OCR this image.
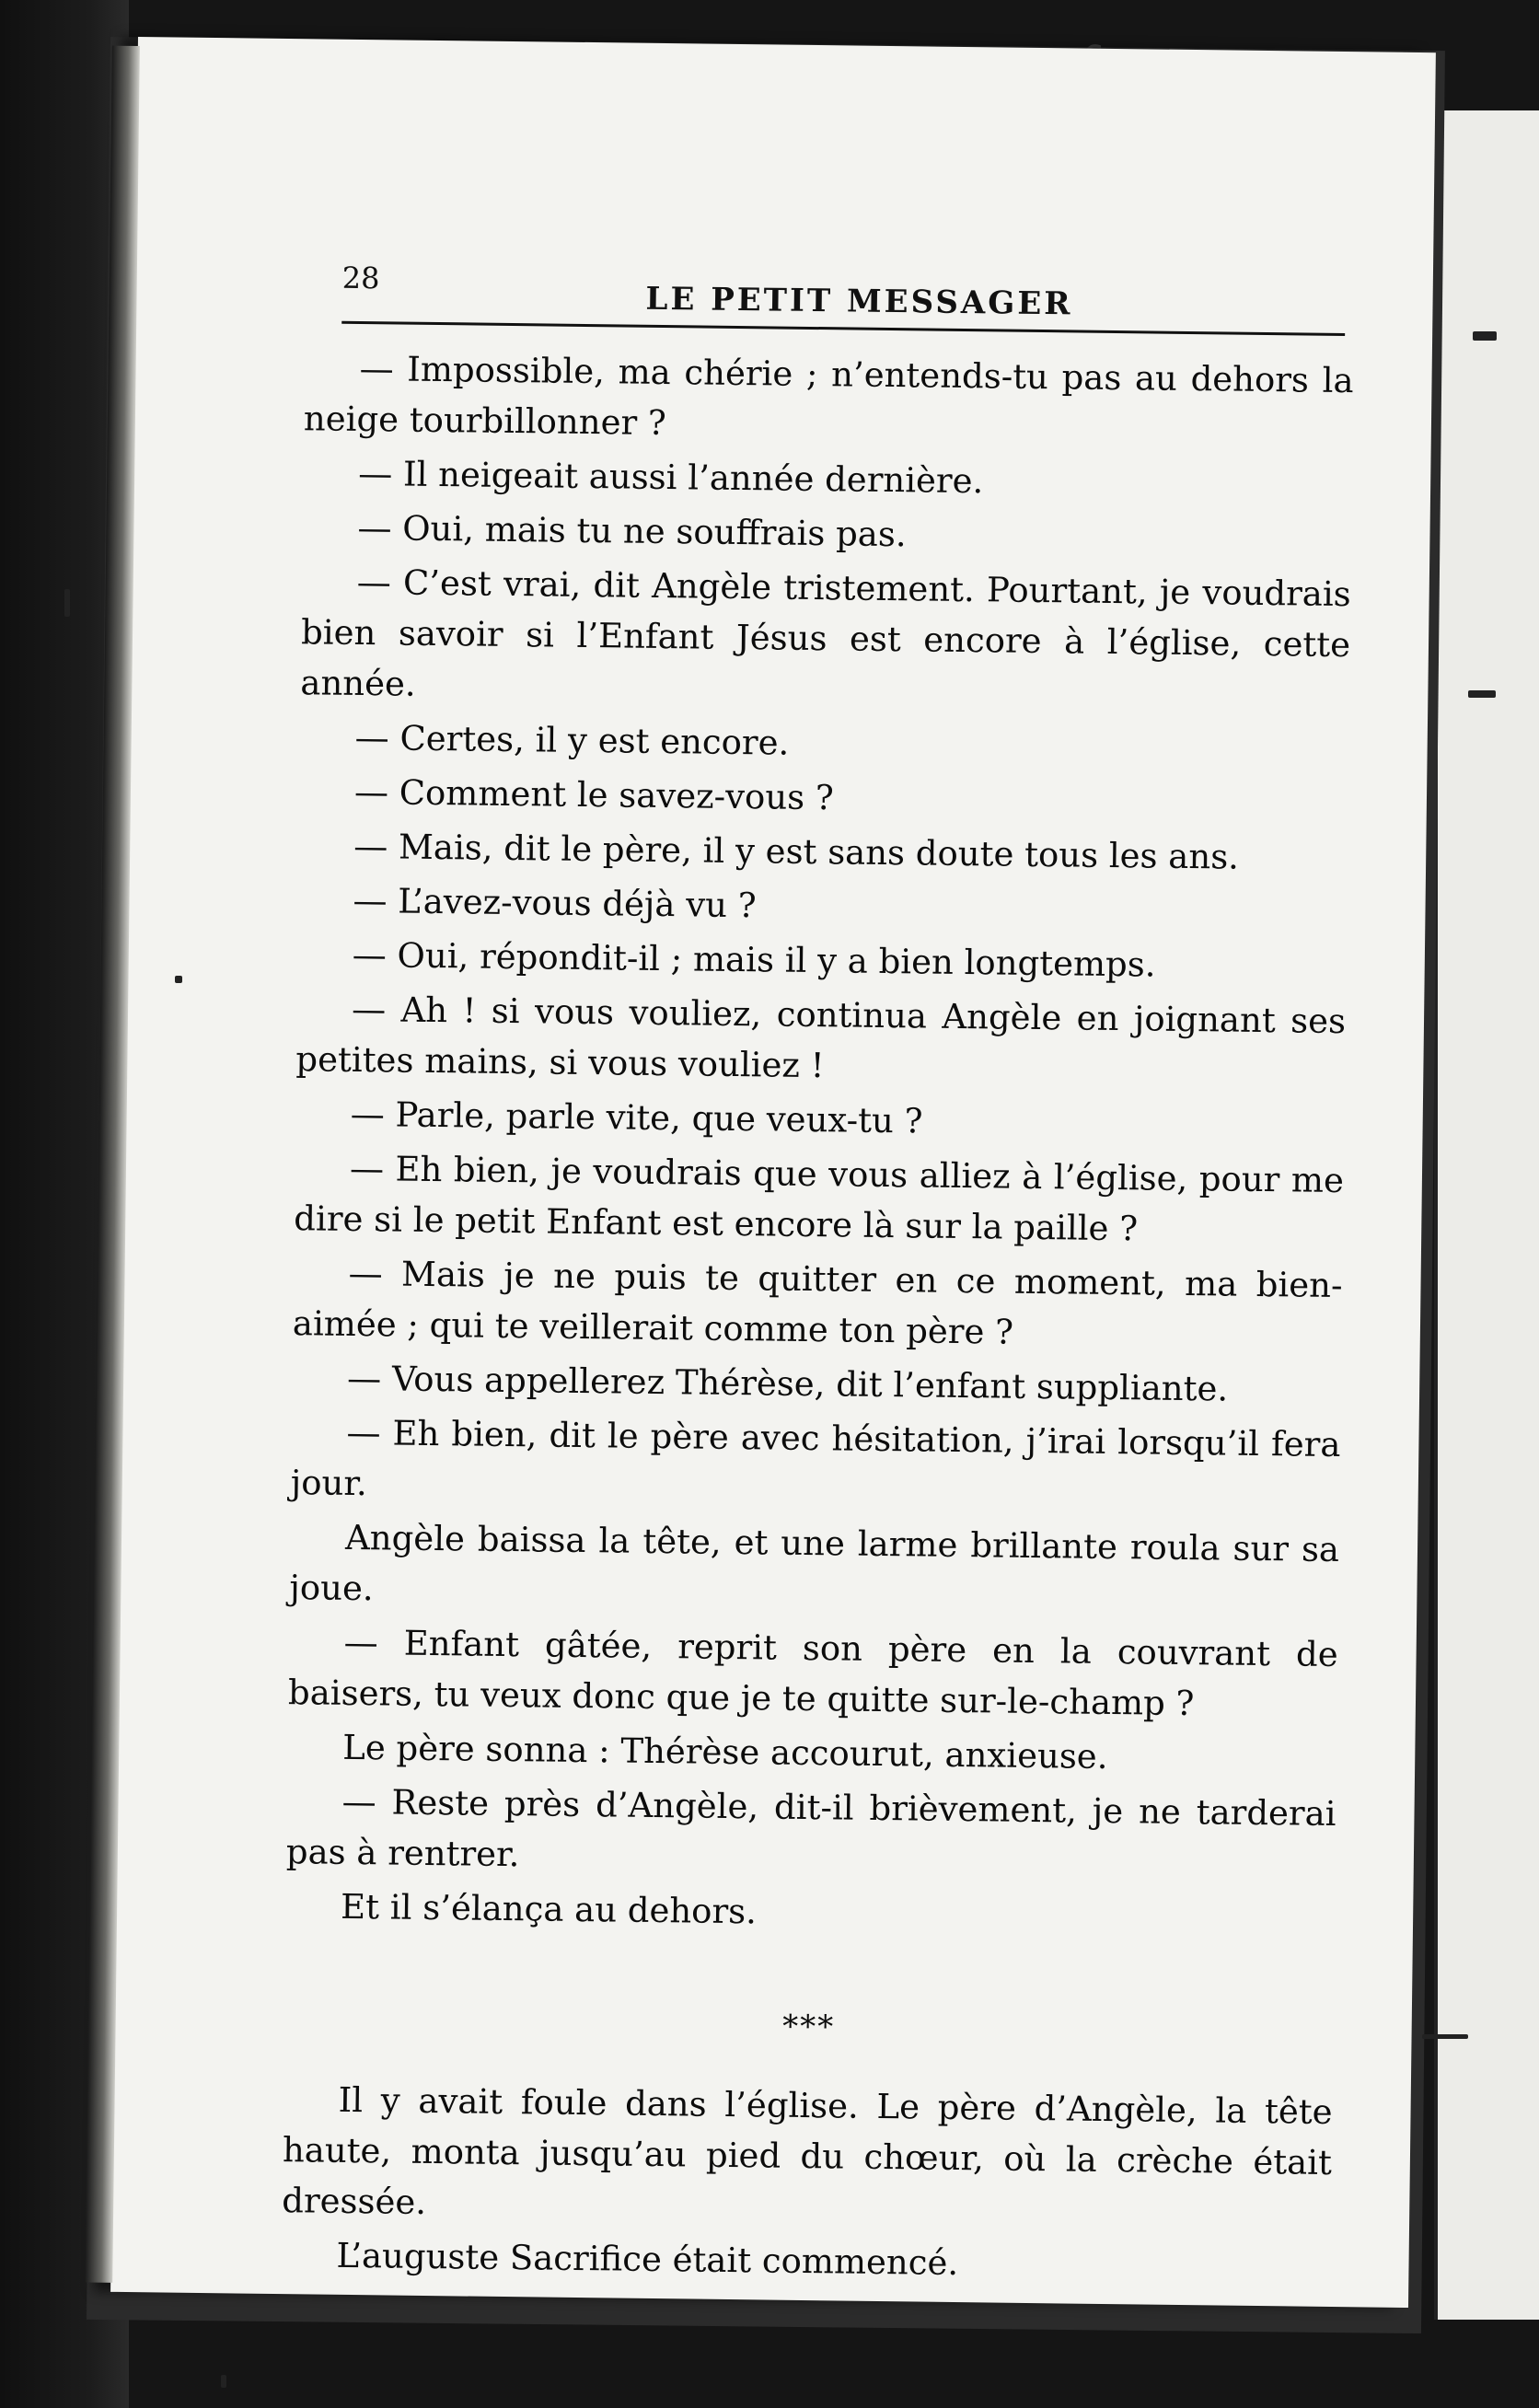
28
LE PETIT MESSAGER

— Impossible, ma chérie ; n’entends-tu pas au dehors la neige tourbillonner ?

— Il neigeait aussi l’année dernière.

— Oui, mais tu ne souffrais pas.

— C’est vrai, dit Angèle tristement. Pourtant, je voudrais bien savoir si l’Enfant Jésus est encore à l’église, cette année.

— Certes, il y est encore.

— Comment le savez-vous ?

— Mais, dit le père, il y est sans doute tous les ans.

— L’avez-vous déjà vu ?

— Oui, répondit-il ; mais il y a bien longtemps.

— Ah ! si vous vouliez, continua Angèle en joignant ses petites mains, si vous vouliez !

— Parle, parle vite, que veux-tu ?

— Eh bien, je voudrais que vous alliez à l’église, pour me dire si le petit Enfant est encore là sur la paille ?

— Mais je ne puis te quitter en ce moment, ma bien-aimée ; qui te veillerait comme ton père ?

— Vous appellerez Thérèse, dit l’enfant suppliante.

— Eh bien, dit le père avec hésitation, j’irai lorsqu’il fera jour.

Angèle baissa la tête, et une larme brillante roula sur sa joue.

— Enfant gâtée, reprit son père en la couvrant de baisers, tu veux donc que je te quitte sur-le-champ ?

Le père sonna : Thérèse accourut, anxieuse.

— Reste près d’Angèle, dit-il brièvement, je ne tarderai pas à rentrer.

Et il s’élança au dehors.

***

Il y avait foule dans l’église. Le père d’Angèle, la tête haute, monta jusqu’au pied du chœur, où la crèche était dressée.

L’auguste Sacrifice était commencé.
